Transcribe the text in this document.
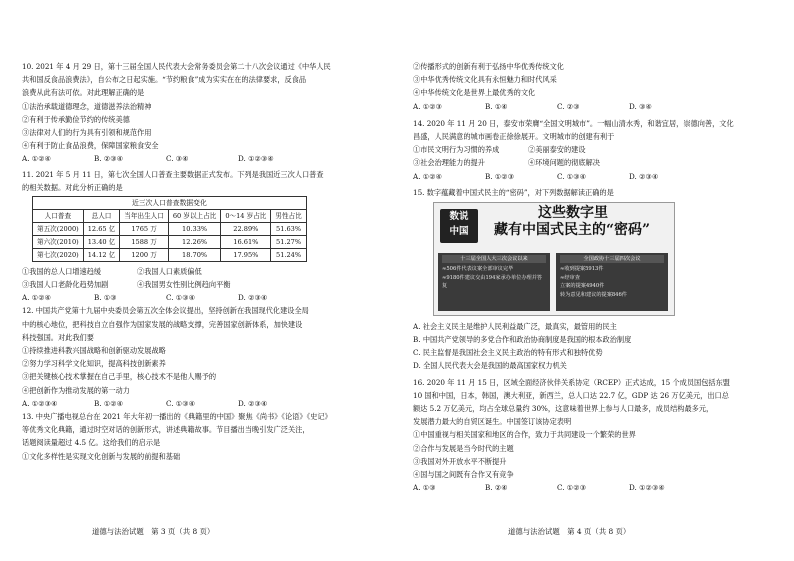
10. 2021 年 4 月 29 日，第十三届全国人民代表大会常务委员会第二十八次会议通过《中华人民
共和国反食品浪费法》，自公布之日起实施。“节约粮食”成为实实在在的法律要求，反食品
浪费从此有法可依。对此理解正确的是
①法治承载道德理念，道德滋养法治精神
②有利于传承勤俭节约的传统美德
③法律对人们的行为具有引领和规范作用
④有利于防止食品浪费，保障国家粮食安全
A. ①②④	B. ②③④	C. ③④	D. ①②③④
11. 2021 年 5 月 11 日，第七次全国人口普查主要数据正式发布。下列是我国近三次人口普查
的相关数据。对此分析正确的是
近三次人口普查数据变化
人口普查	总人口	当年出生人口	60 岁以上占比	0～14 岁占比	男性占比
第五次(2000)	12.65 亿	1765 万	10.33%	22.89%	51.63%
第六次(2010)	13.40 亿	1588 万	12.26%	16.61%	51.27%
第七次(2020)	14.12 亿	1200 万	18.70%	17.95%	51.24%
①我国的总人口增速趋缓　　　　　②我国人口素质偏低
③我国人口老龄化趋势加剧　　　　④我国男女性别比例趋向平衡
A. ①②④	B. ①③	C. ①③④	D. ②③④
12. 中国共产党第十九届中央委员会第五次全体会议提出，坚持创新在我国现代化建设全局
中的核心地位，把科技自立自强作为国家发展的战略支撑，完善国家创新体系，加快建设
科技强国。对此我们要
①持续推进科教兴国战略和创新驱动发展战略
②努力学习科学文化知识，提高科技创新素养
③把关键核心技术掌握在自己手里，核心技术不是他人赐予的
④把创新作为推动发展的第一动力
A. ①②③④	B. ①②④	C. ①③④	D. ②③④
13. 中央广播电视总台在 2021 年大年初一播出的《典籍里的中国》聚焦《尚书》《论语》《史记》
等优秀文化典籍，通过时空对话的创新形式，讲述典籍故事。节目播出当晚引发广泛关注，
话题阅读量超过 4.5 亿。这给我们的启示是
①文化多样性是实现文化创新与发展的前提和基础
道德与法治试题　第 3 页（共 8 页）
②传播形式的创新有利于弘扬中华优秀传统文化
③中华优秀传统文化具有永恒魅力和时代风采
④中华传统文化是世界上最优秀的文化
A. ①②③	B. ①④	C. ②③	D. ③④
14. 2020 年 11 月 20 日，泰安市荣膺“全国文明城市”。一幅山清水秀，和谐宜居，崇德向善，文化
昌盛，人民满意的城市画卷正徐徐展开。文明城市的创建有利于
①市民文明行为习惯的养成　　　　②美丽泰安的建设
③社会治理能力的提升　　　　　　④环境问题的彻底解决
A. ①②④	B. ①②③	C. ①③④	D. ②③④
15. 数字蕴藏着中国式民主的“密码”，对下列数据解读正确的是
数说
中国
这些数字里
藏有中国式民主的“密码”
十三届全国人大三次会议以来
≈506件代表议案全部审议完毕
≈9180件建议交由194家承办单位办理并答复
全国政协十三届四次会议
≈收到提案5913件
≈经审查
立案的提案4940件
转为意见和建议的提案846件
A. 社会主义民主是维护人民利益最广泛，最真实，最管用的民主
B. 中国共产党领导的多党合作和政治协商制度是我国的根本政治制度
C. 民主监督是我国社会主义民主政治的特有形式和独特优势
D. 全国人民代表大会是我国的最高国家权力机关
16. 2020 年 11 月 15 日，区域全面经济伙伴关系协定（RCEP）正式达成，15 个成员国包括东盟
10 国和中国，日本，韩国，澳大利亚，新西兰，总人口达 22.7 亿，GDP 达 26 万亿美元，出口总
额达 5.2 万亿美元，均占全球总量约 30%，这意味着世界上参与人口最多，成员结构最多元，
发展潜力最大的自贸区诞生。中国签订该协定表明
①中国重视与相关国家和地区的合作，致力于共同建设一个繁荣的世界
②合作与发展是当今时代的主题
③我国对外开放水平不断提升
④国与国之间既有合作又有竞争
A. ①③	B. ②④	C. ①②③	D. ①②③④
道德与法治试题　第 4 页（共 8 页）
